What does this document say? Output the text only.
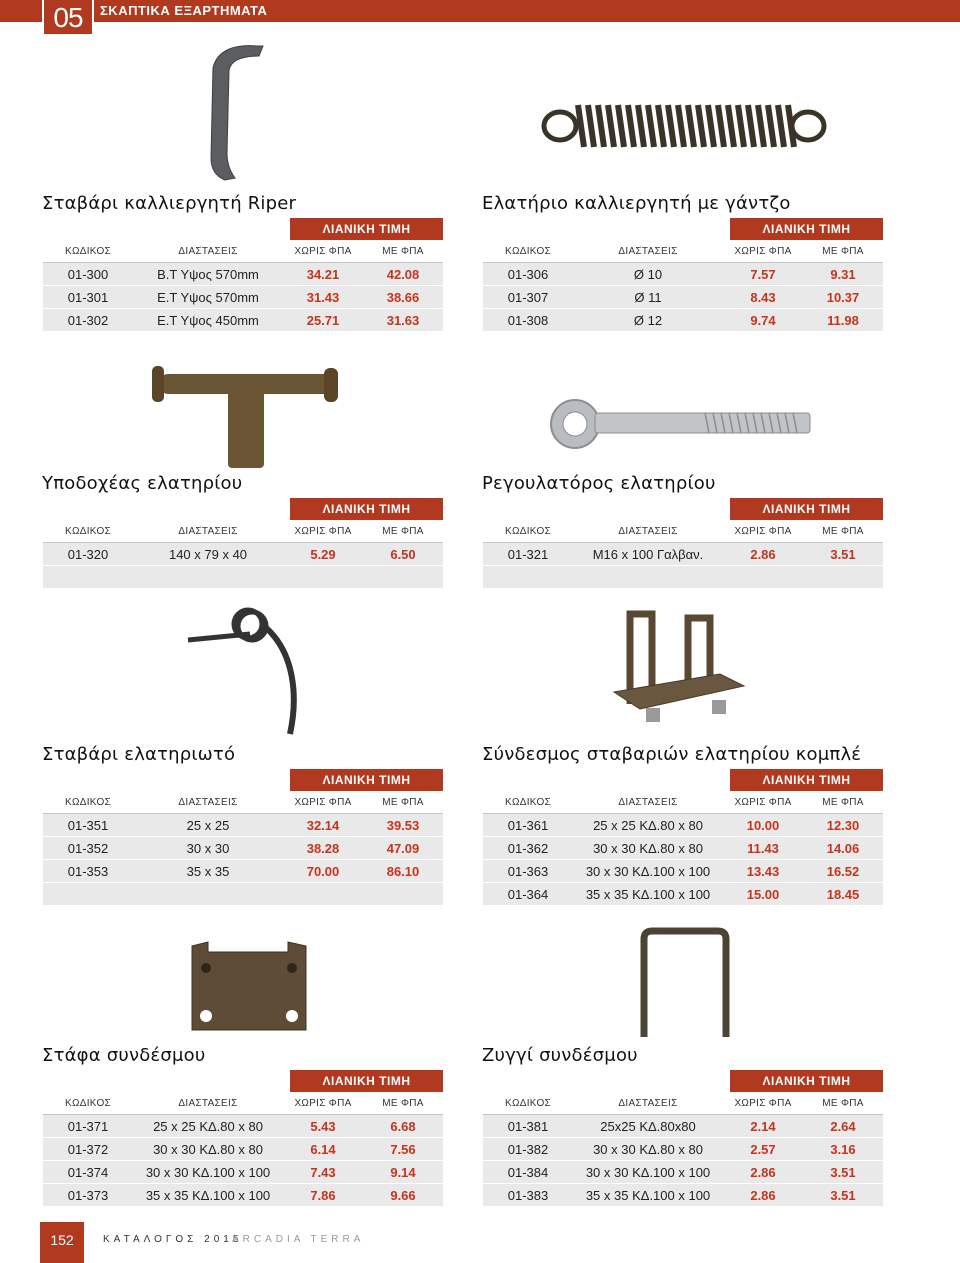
05	ΣΚΑΠΤΙΚΑ ΕΞΑΡΤΗΜΑΤΑ
Σταβάρι καλλιεργητή Riper	Ελατήριο καλλιεργητή με γάντζο
Υποδοχέας ελατηρίου	Ρεγουλατόρος ελατηρίου
Σταβάρι ελατηριωτό	Σύνδεσμος σταβαριών ελατηρίου κομπλέ
Στάφα συνδέσμου	Ζυγγί συνδέσμου
ΛΙΑΝΙΚΗ ΤΙΜΗ
ΚΩΔΙΚΟΣ	ΔΙΑΣΤΑΣΕΙΣ	ΧΩΡΙΣ ΦΠΑ	ΜΕ ΦΠΑ
01-300	Β.Τ Υψος 570mm	34.21	42.08
01-301	Ε.Τ Υψος 570mm	31.43	38.66
01-302	Ε.Τ Υψος 450mm	25.71	31.63
ΛΙΑΝΙΚΗ ΤΙΜΗ
ΚΩΔΙΚΟΣ	ΔΙΑΣΤΑΣΕΙΣ	ΧΩΡΙΣ ΦΠΑ	ΜΕ ΦΠΑ
01-306	Ø 10	7.57	9.31
01-307	Ø 11	8.43	10.37
01-308	Ø 12	9.74	11.98
ΛΙΑΝΙΚΗ ΤΙΜΗ
ΚΩΔΙΚΟΣ	ΔΙΑΣΤΑΣΕΙΣ	ΧΩΡΙΣ ΦΠΑ	ΜΕ ΦΠΑ
01-320	140 x 79 x 40	5.29	6.50
ΛΙΑΝΙΚΗ ΤΙΜΗ
ΚΩΔΙΚΟΣ	ΔΙΑΣΤΑΣΕΙΣ	ΧΩΡΙΣ ΦΠΑ	ΜΕ ΦΠΑ
01-321	M16 x 100 Γαλβαν.	2.86	3.51
ΛΙΑΝΙΚΗ ΤΙΜΗ
ΚΩΔΙΚΟΣ	ΔΙΑΣΤΑΣΕΙΣ	ΧΩΡΙΣ ΦΠΑ	ΜΕ ΦΠΑ
01-351	25 x 25	32.14	39.53
01-352	30 x 30	38.28	47.09
01-353	35 x 35	70.00	86.10
ΛΙΑΝΙΚΗ ΤΙΜΗ
ΚΩΔΙΚΟΣ	ΔΙΑΣΤΑΣΕΙΣ	ΧΩΡΙΣ ΦΠΑ	ΜΕ ΦΠΑ
01-361	25 x 25 ΚΔ.80 x 80	10.00	12.30
01-362	30 x 30 ΚΔ.80 x 80	11.43	14.06
01-363	30 x 30 ΚΔ.100 x 100	13.43	16.52
01-364	35 x 35 ΚΔ.100 x 100	15.00	18.45
ΛΙΑΝΙΚΗ ΤΙΜΗ
ΚΩΔΙΚΟΣ	ΔΙΑΣΤΑΣΕΙΣ	ΧΩΡΙΣ ΦΠΑ	ΜΕ ΦΠΑ
01-371	25 x 25 ΚΔ.80 x 80	5.43	6.68
01-372	30 x 30 ΚΔ.80 x 80	6.14	7.56
01-374	30 x 30 ΚΔ.100 x 100	7.43	9.14
01-373	35 x 35 ΚΔ.100 x 100	7.86	9.66
ΛΙΑΝΙΚΗ ΤΙΜΗ
ΚΩΔΙΚΟΣ	ΔΙΑΣΤΑΣΕΙΣ	ΧΩΡΙΣ ΦΠΑ	ΜΕ ΦΠΑ
01-381	25x25 ΚΔ.80x80	2.14	2.64
01-382	30 x 30 ΚΔ.80 x 80	2.57	3.16
01-384	30 x 30 ΚΔ.100 x 100	2.86	3.51
01-383	35 x 35 ΚΔ.100 x 100	2.86	3.51
152	ΚΑΤΑΛΟΓΟΣ 2015
ARCADIA TERRA
